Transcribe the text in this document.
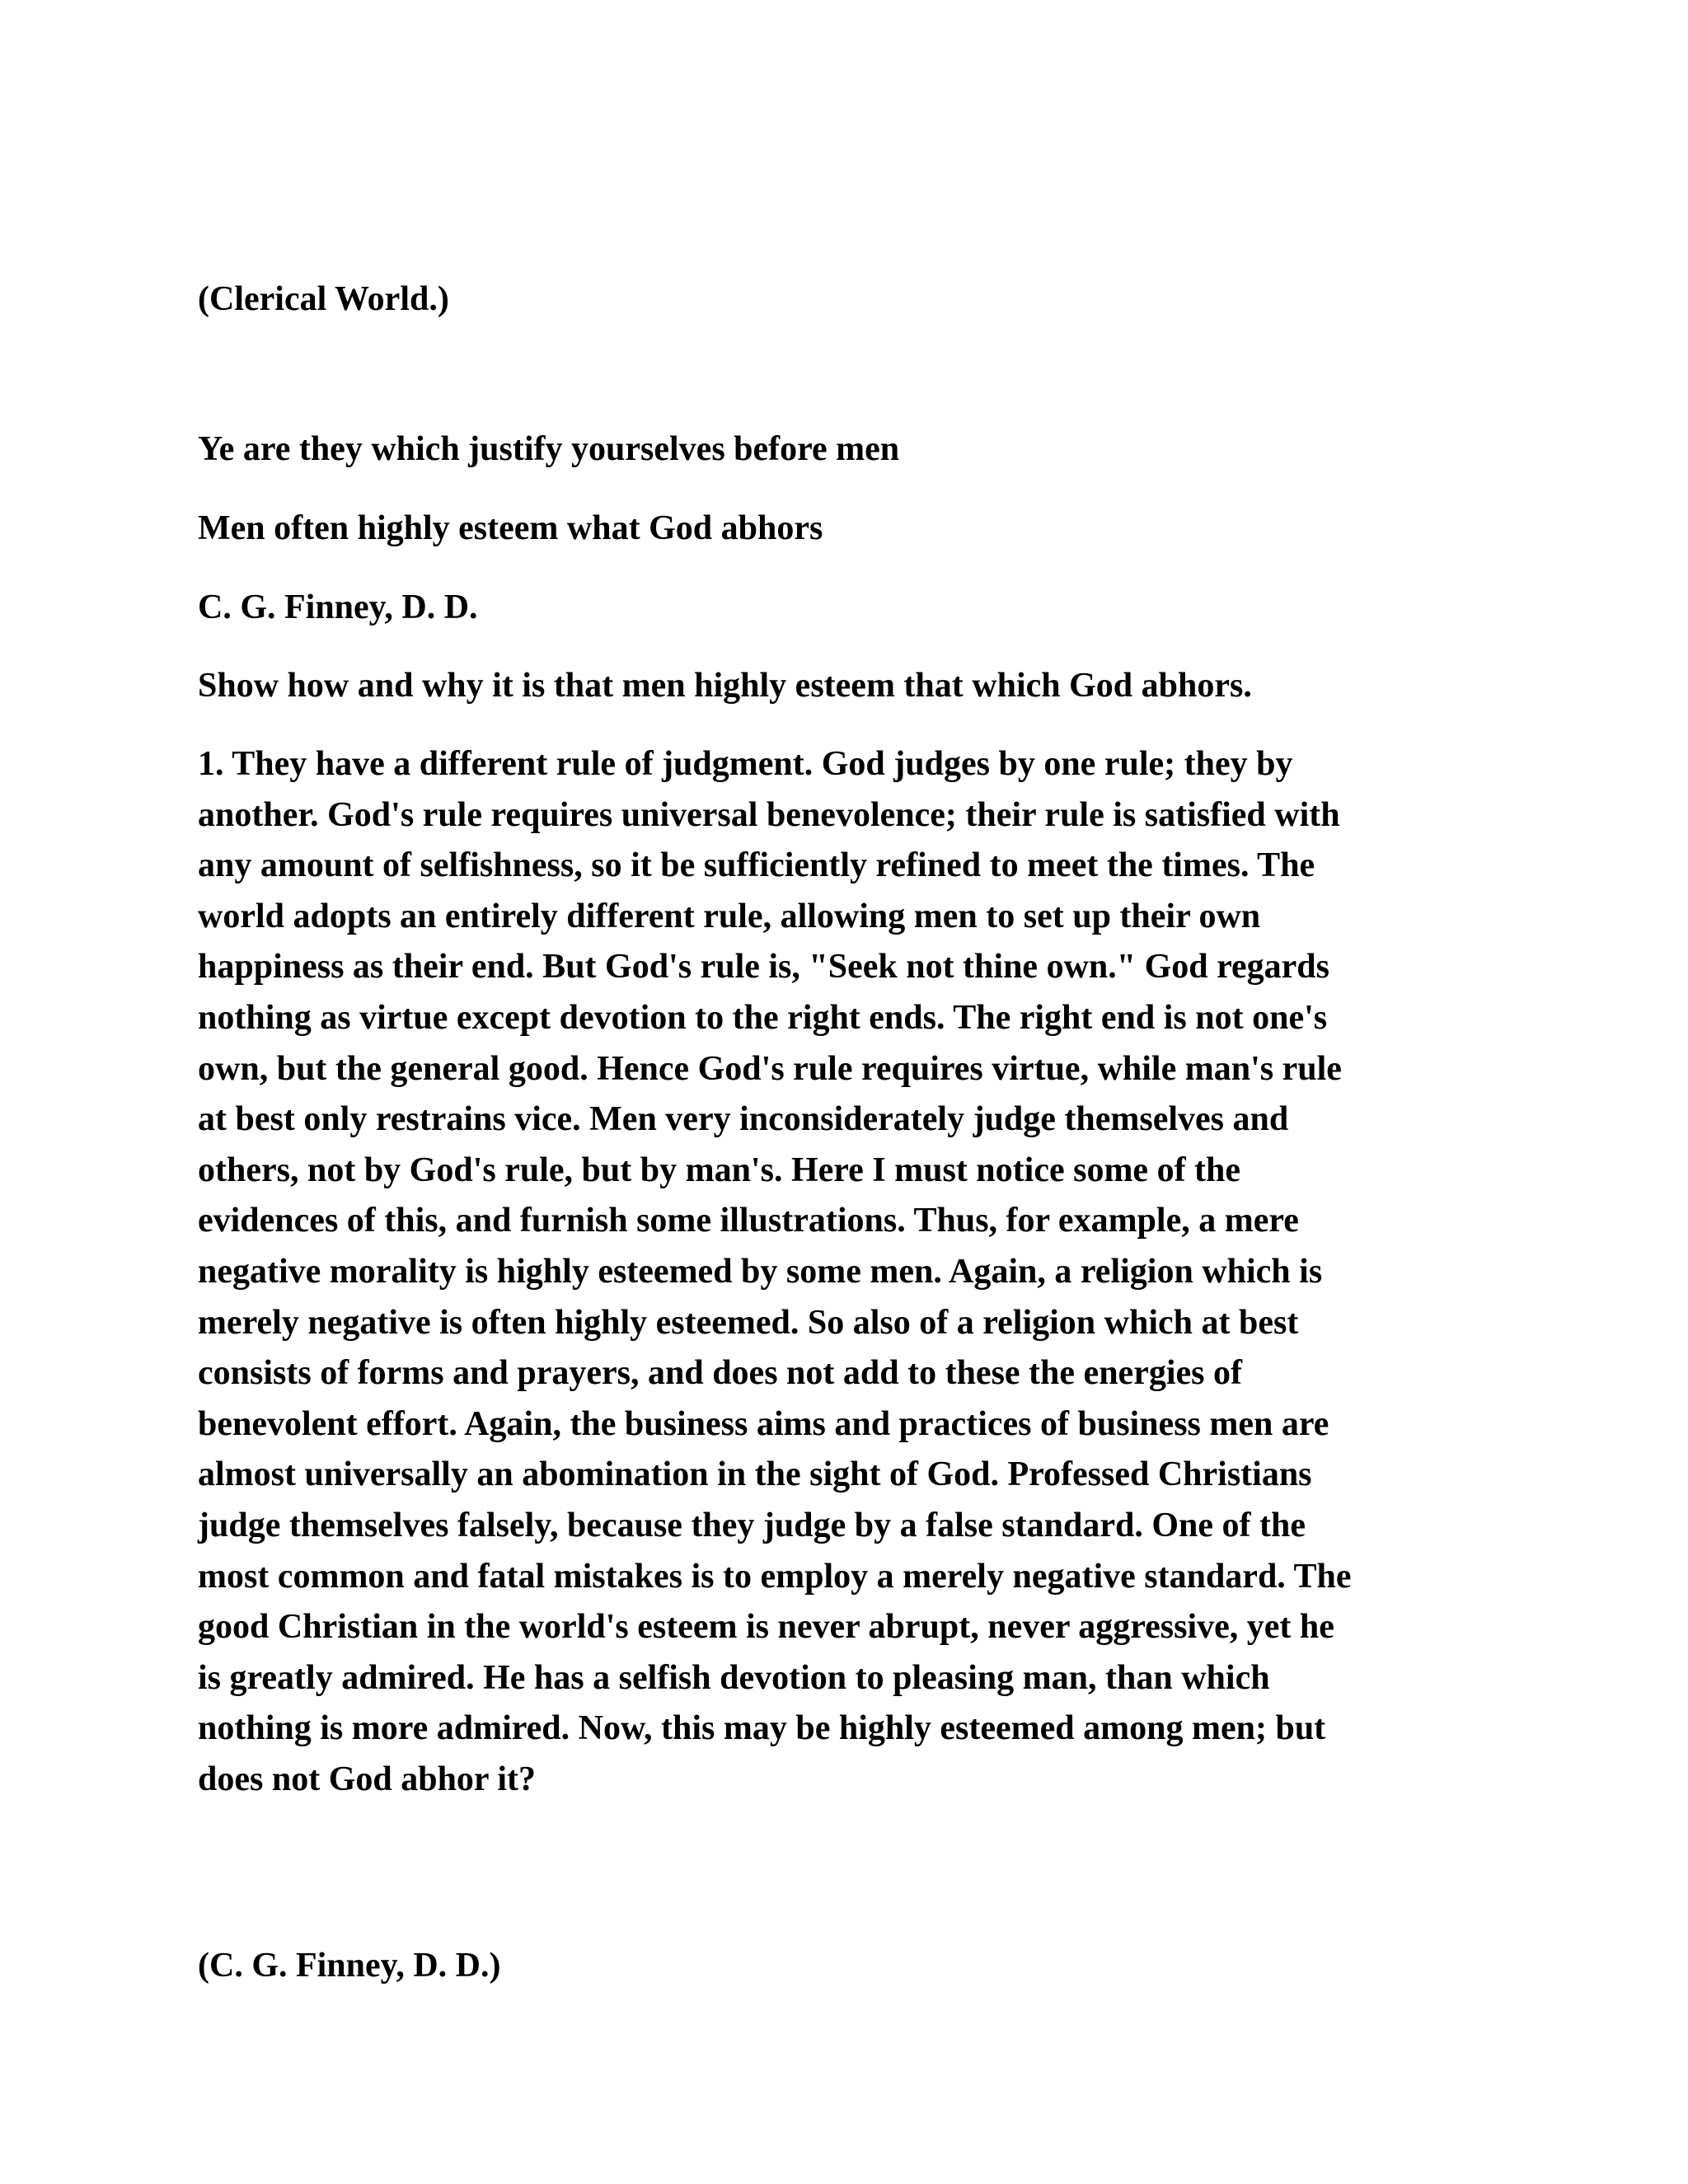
(Clerical World.)

Ye are they which justify yourselves before men

Men often highly esteem what God abhors

C. G. Finney, D. D.

Show how and why it is that men highly esteem that which God abhors.

1. They have a different rule of judgment. God judges by one rule; they by
another. God's rule requires universal benevolence; their rule is satisfied with
any amount of selfishness, so it be sufficiently refined to meet the times. The
world adopts an entirely different rule, allowing men to set up their own
happiness as their end. But God's rule is, "Seek not thine own." God regards
nothing as virtue except devotion to the right ends. The right end is not one's
own, but the general good. Hence God's rule requires virtue, while man's rule
at best only restrains vice. Men very inconsiderately judge themselves and
others, not by God's rule, but by man's. Here I must notice some of the
evidences of this, and furnish some illustrations. Thus, for example, a mere
negative morality is highly esteemed by some men. Again, a religion which is
merely negative is often highly esteemed. So also of a religion which at best
consists of forms and prayers, and does not add to these the energies of
benevolent effort. Again, the business aims and practices of business men are
almost universally an abomination in the sight of God. Professed Christians
judge themselves falsely, because they judge by a false standard. One of the
most common and fatal mistakes is to employ a merely negative standard. The
good Christian in the world's esteem is never abrupt, never aggressive, yet he
is greatly admired. He has a selfish devotion to pleasing man, than which
nothing is more admired. Now, this may be highly esteemed among men; but
does not God abhor it?

(C. G. Finney, D. D.)
